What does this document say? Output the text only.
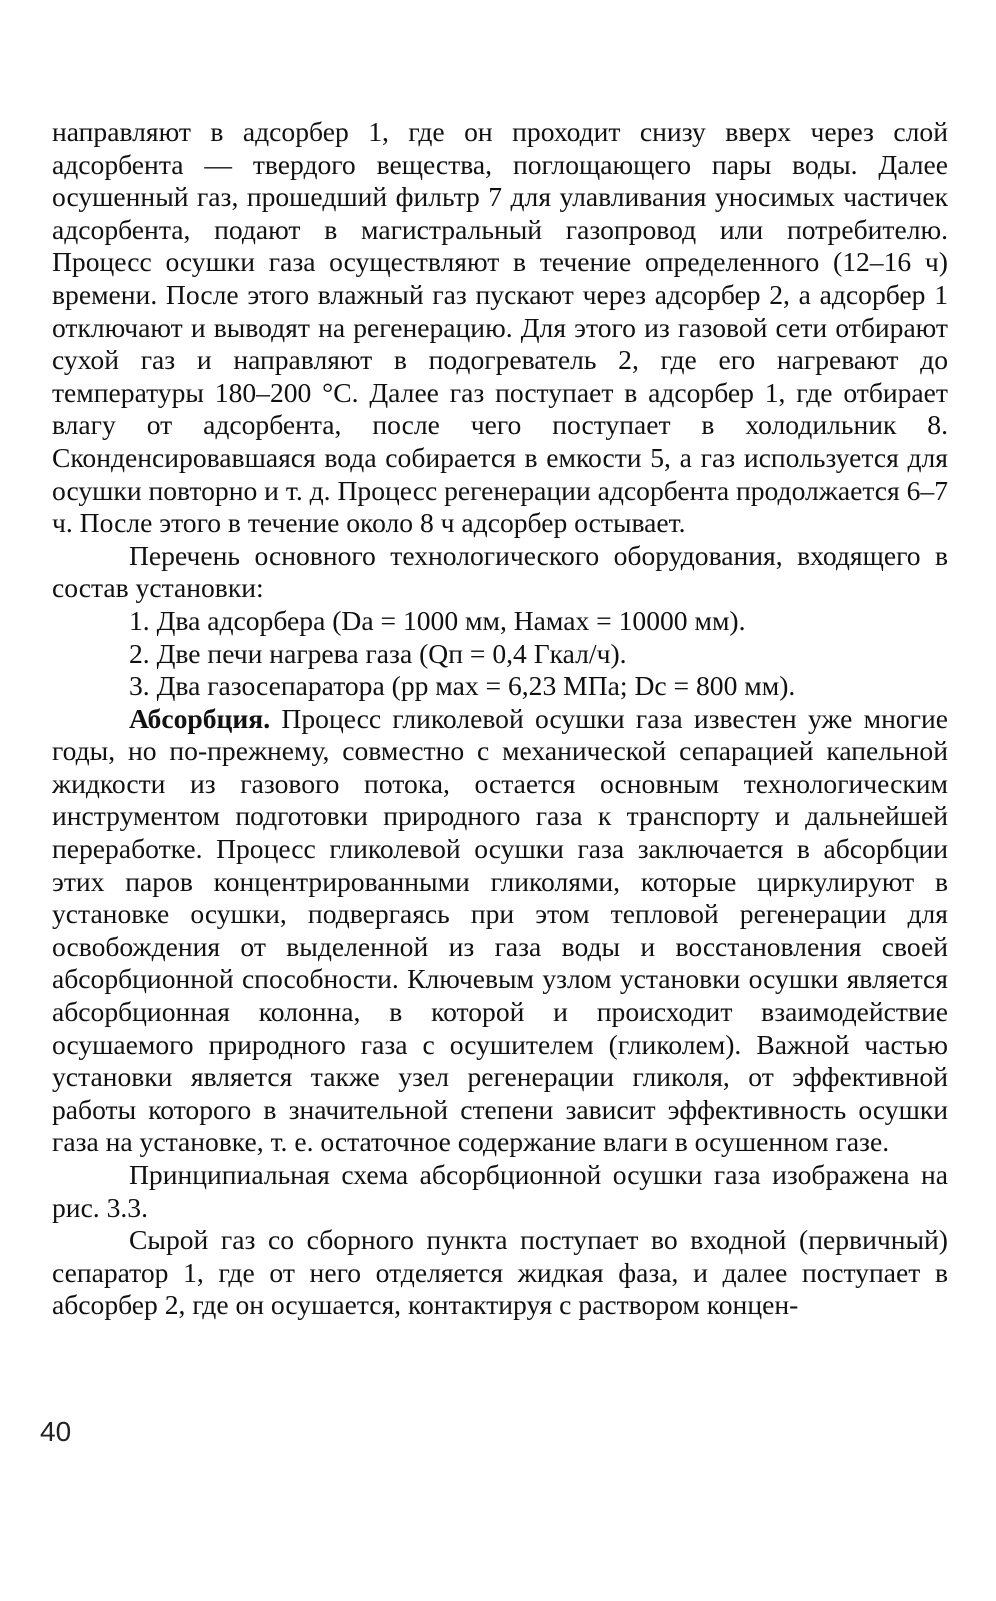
направляют в адсорбер 1, где он проходит снизу вверх через слой адсорбента — твердого вещества, поглощающего пары воды. Далее осушенный газ, прошедший фильтр 7 для улавливания уносимых частичек адсорбента, подают в магистральный газопровод или потребителю. Процесс осушки газа осуществляют в течение определенного (12–16 ч) времени. После этого влажный газ пускают через адсорбер 2, а адсорбер 1 отключают и выводят на регенерацию. Для этого из газовой сети отбирают сухой газ и направляют в подогреватель 2, где его нагревают до температуры 180–200 °С. Далее газ поступает в адсорбер 1, где отбирает влагу от адсорбента, после чего поступает в холодильник 8. Сконденсировавшаяся вода собирается в емкости 5, а газ используется для осушки повторно и т. д. Процесс регенерации адсорбента продолжается 6–7 ч. После этого в течение около 8 ч адсорбер остывает.

Перечень основного технологического оборудования, входящего в состав установки:

1. Два адсорбера (Dа = 1000 мм, Hамах = 10000 мм).

2. Две печи нагрева газа (Qп = 0,4 Гкал/ч).

3. Два газосепаратора (pр мах = 6,23 МПа; Dс = 800 мм).

Абсорбция. Процесс гликолевой осушки газа известен уже многие годы, но по-прежнему, совместно с механической сепарацией капельной жидкости из газового потока, остается основным технологическим инструментом подготовки природного газа к транспорту и дальнейшей переработке. Процесс гликолевой осушки газа заключается в абсорбции этих паров концентрированными гликолями, которые циркулируют в установке осушки, подвергаясь при этом тепловой регенерации для освобождения от выделенной из газа воды и восстановления своей абсорбционной способности. Ключевым узлом установки осушки является абсорбционная колонна, в которой и происходит взаимодействие осушаемого природного газа с осушителем (гликолем). Важной частью установки является также узел регенерации гликоля, от эффективной работы которого в значительной степени зависит эффективность осушки газа на установке, т. е. остаточное содержание влаги в осушенном газе.

Принципиальная схема абсорбционной осушки газа изображена на рис. 3.3.

Сырой газ со сборного пункта поступает во входной (первичный) сепаратор 1, где от него отделяется жидкая фаза, и далее поступает в абсорбер 2, где он осушается, контактируя с раствором концен-

40
